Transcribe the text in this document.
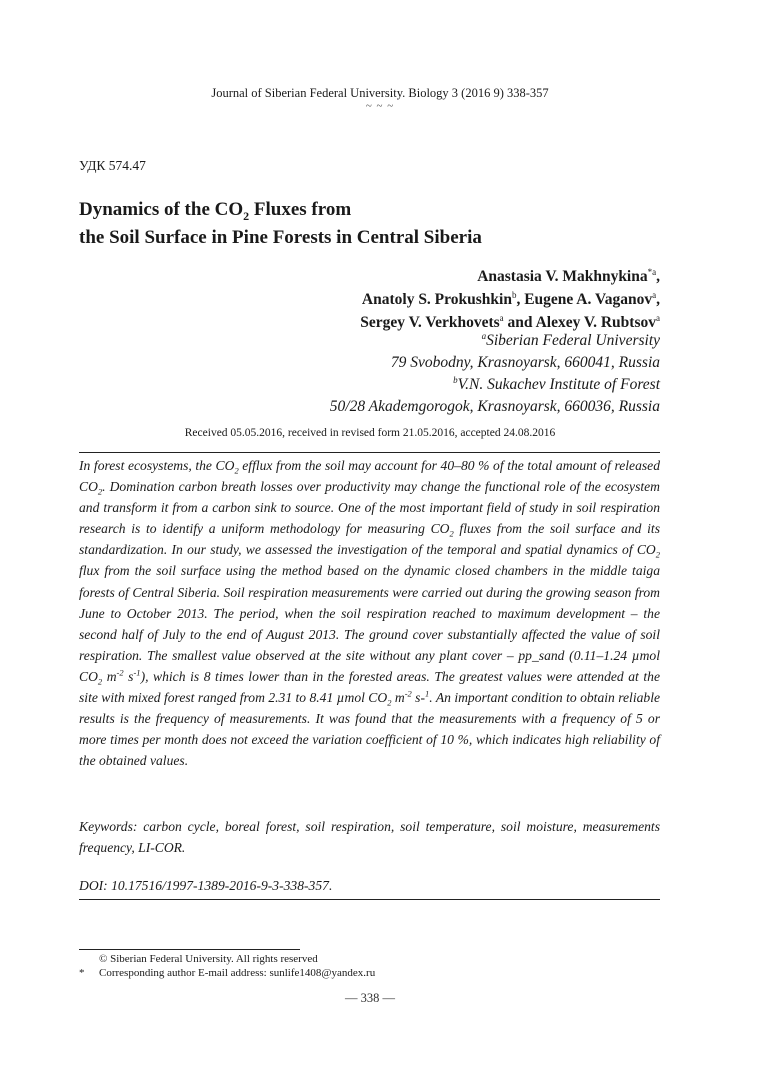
Journal of Siberian Federal University. Biology 3 (2016 9) 338-357
~ ~ ~
УДК 574.47
Dynamics of the $CO_2$ Fluxes from
the Soil Surface in Pine Forests in Central Siberia
Anastasia V. Makhnykina$^{*a}$,
Anatoly S. Prokushkin$^b$, Eugene A. Vaganov$^a$,
Sergey V. Verkhovets$^a$ and Alexey V. Rubtsov$^a$
$^a$Siberian Federal University
79 Svobodny, Krasnoyarsk, 660041, Russia
$^b$V.N. Sukachev Institute of Forest
50/28 Akademgorogok, Krasnoyarsk, 660036, Russia
Received 05.05.2016, received in revised form 21.05.2016, accepted 24.08.2016
In forest ecosystems, the $CO_2$ efflux from the soil may account for 40–80 % of the total amount of released $CO_2$. Domination carbon breath losses over productivity may change the functional role of the ecosystem and transform it from a carbon sink to source. One of the most important field of study in soil respiration research is to identify a uniform methodology for measuring $CO_2$ fluxes from the soil surface and its standardization. In our study, we assessed the investigation of the temporal and spatial dynamics of $CO_2$ flux from the soil surface using the method based on the dynamic closed chambers in the middle taiga forests of Central Siberia. Soil respiration measurements were carried out during the growing season from June to October 2013. The period, when the soil respiration reached to maximum development – the second half of July to the end of August 2013. The ground cover substantially affected the value of soil respiration. The smallest value observed at the site without any plant cover – pp_sand (0.11–1.24 µmol $CO_2$ $m^{-2}$ $s^{-1}$), which is 8 times lower than in the forested areas. The greatest values were attended at the site with mixed forest ranged from 2.31 to 8.41 µmol $CO_2$ $m^{-2}$ s-$^1$. An important condition to obtain reliable results is the frequency of measurements. It was found that the measurements with a frequency of 5 or more times per month does not exceed the variation coefficient of 10 %, which indicates high reliability of the obtained values.
Keywords: carbon cycle, boreal forest, soil respiration, soil temperature, soil moisture, measurements frequency, LI-COR.
DOI: 10.17516/1997-1389-2016-9-3-338-357.
© Siberian Federal University. All rights reserved
* Corresponding author E-mail address: sunlife1408@yandex.ru
— 338 —
